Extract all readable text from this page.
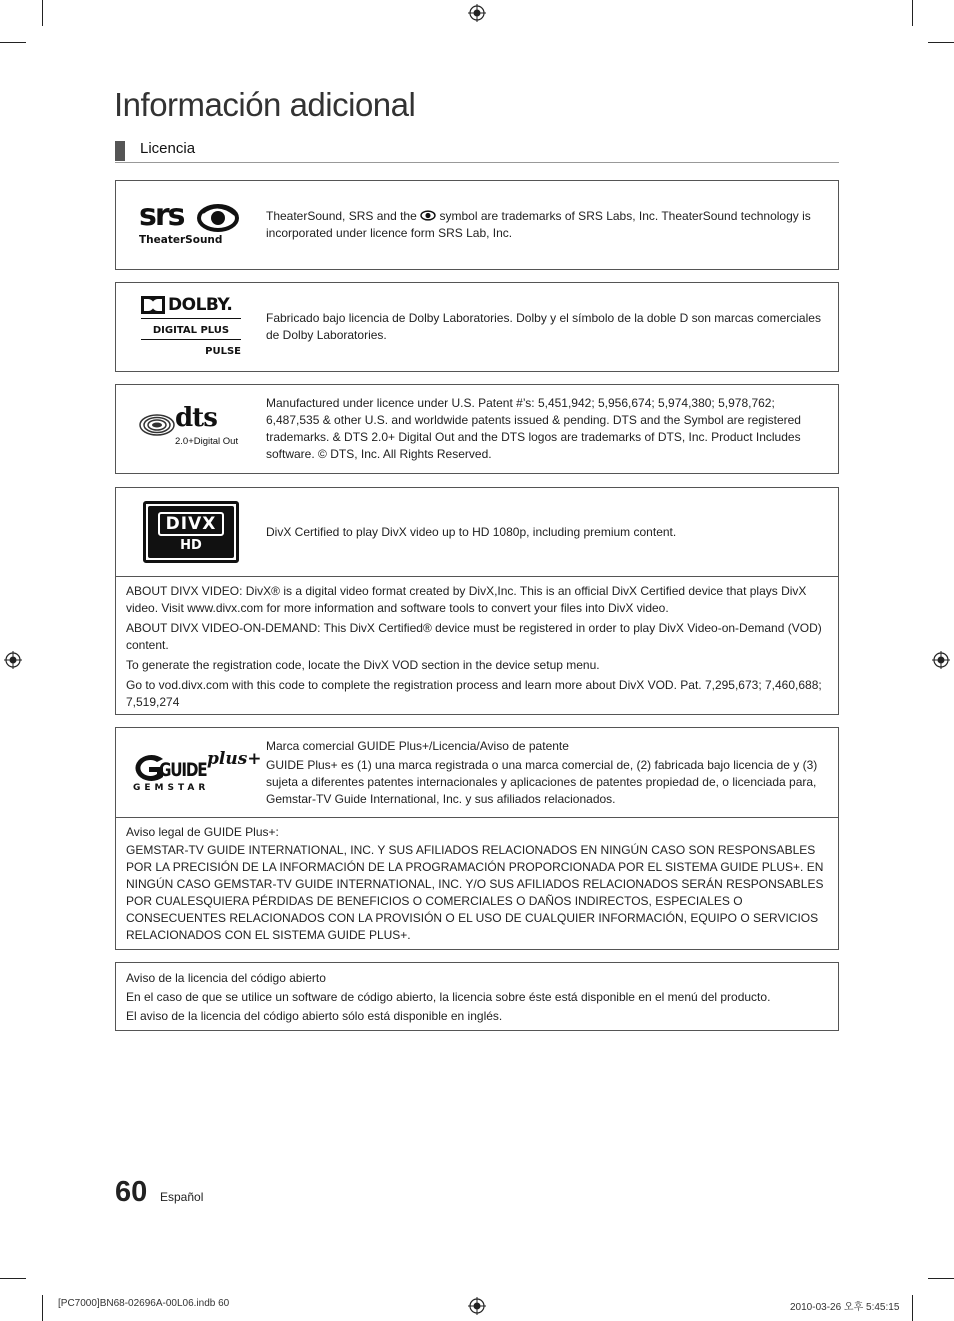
Información adicional
Licencia
srs
TheaterSound

TheaterSound, SRS and the symbol are trademarks of SRS Labs, Inc. TheaterSound technology is incorporated under licence form SRS Lab, Inc.

DOLBY.
DIGITAL PLUS
PULSE
Fabricado bajo licencia de Dolby Laboratories. Dolby y el símbolo de la doble D son marcas comerciales de Dolby Laboratories.
dts
2.0+Digital Out
Manufactured under licence under U.S. Patent #’s: 5,451,942; 5,956,674; 5,974,380; 5,978,762; 6,487,535 & other U.S. and worldwide patents issued & pending. DTS and the Symbol are registered trademarks. & DTS 2.0+ Digital Out and the DTS logos are trademarks of DTS, Inc. Product Includes software. © DTS, Inc. All Rights Reserved.
DIVX
HD
DivX Certified to play DivX video up to HD 1080p, including premium content.

ABOUT DIVX VIDEO: DivX® is a digital video format created by DivX,Inc. This is an official DivX Certified device that plays DivX video. Visit www.divx.com for more information and software tools to convert your files into DivX video.

ABOUT DIVX VIDEO-ON-DEMAND: This DivX Certified® device must be registered in order to play DivX Video-on-Demand (VOD) content.

To generate the registration code, locate the DivX VOD section in the device setup menu.

Go to vod.divx.com with this code to complete the registration process and learn more about DivX VOD. Pat. 7,295,673; 7,460,688; 7,519,274

GUIDE plus+
GEMSTAR

Marca comercial GUIDE Plus+/Licencia/Aviso de patente

GUIDE Plus+ es (1) una marca registrada o una marca comercial de, (2) fabricada bajo licencia de y (3) sujeta a diferentes patentes internacionales y aplicaciones de patentes propiedad de, o licenciada para, Gemstar-TV Guide International, Inc. y sus afiliados relacionados.

Aviso legal de GUIDE Plus+:

GEMSTAR-TV GUIDE INTERNATIONAL, INC. Y SUS AFILIADOS RELACIONADOS EN NINGÚN CASO SON RESPONSABLES POR LA PRECISIÓN DE LA INFORMACIÓN DE LA PROGRAMACIÓN PROPORCIONADA POR EL SISTEMA GUIDE PLUS+. EN NINGÚN CASO GEMSTAR-TV GUIDE INTERNATIONAL, INC. Y/O SUS AFILIADOS RELACIONADOS SERÁN RESPONSABLES POR CUALESQUIERA PÉRDIDAS DE BENEFICIOS O COMERCIALES O DAÑOS INDIRECTOS, ESPECIALES O CONSECUENTES RELACIONADOS CON LA PROVISIÓN O EL USO DE CUALQUIER INFORMACIÓN, EQUIPO O SERVICIOS RELACIONADOS CON EL SISTEMA GUIDE PLUS+.

Aviso de la licencia del código abierto

En el caso de que se utilice un software de código abierto, la licencia sobre éste está disponible en el menú del producto.

El aviso de la licencia del código abierto sólo está disponible en inglés.

60 Español
[PC7000]BN68-02696A-00L06.indb 60	2010-03-26 오후 5:45:15
